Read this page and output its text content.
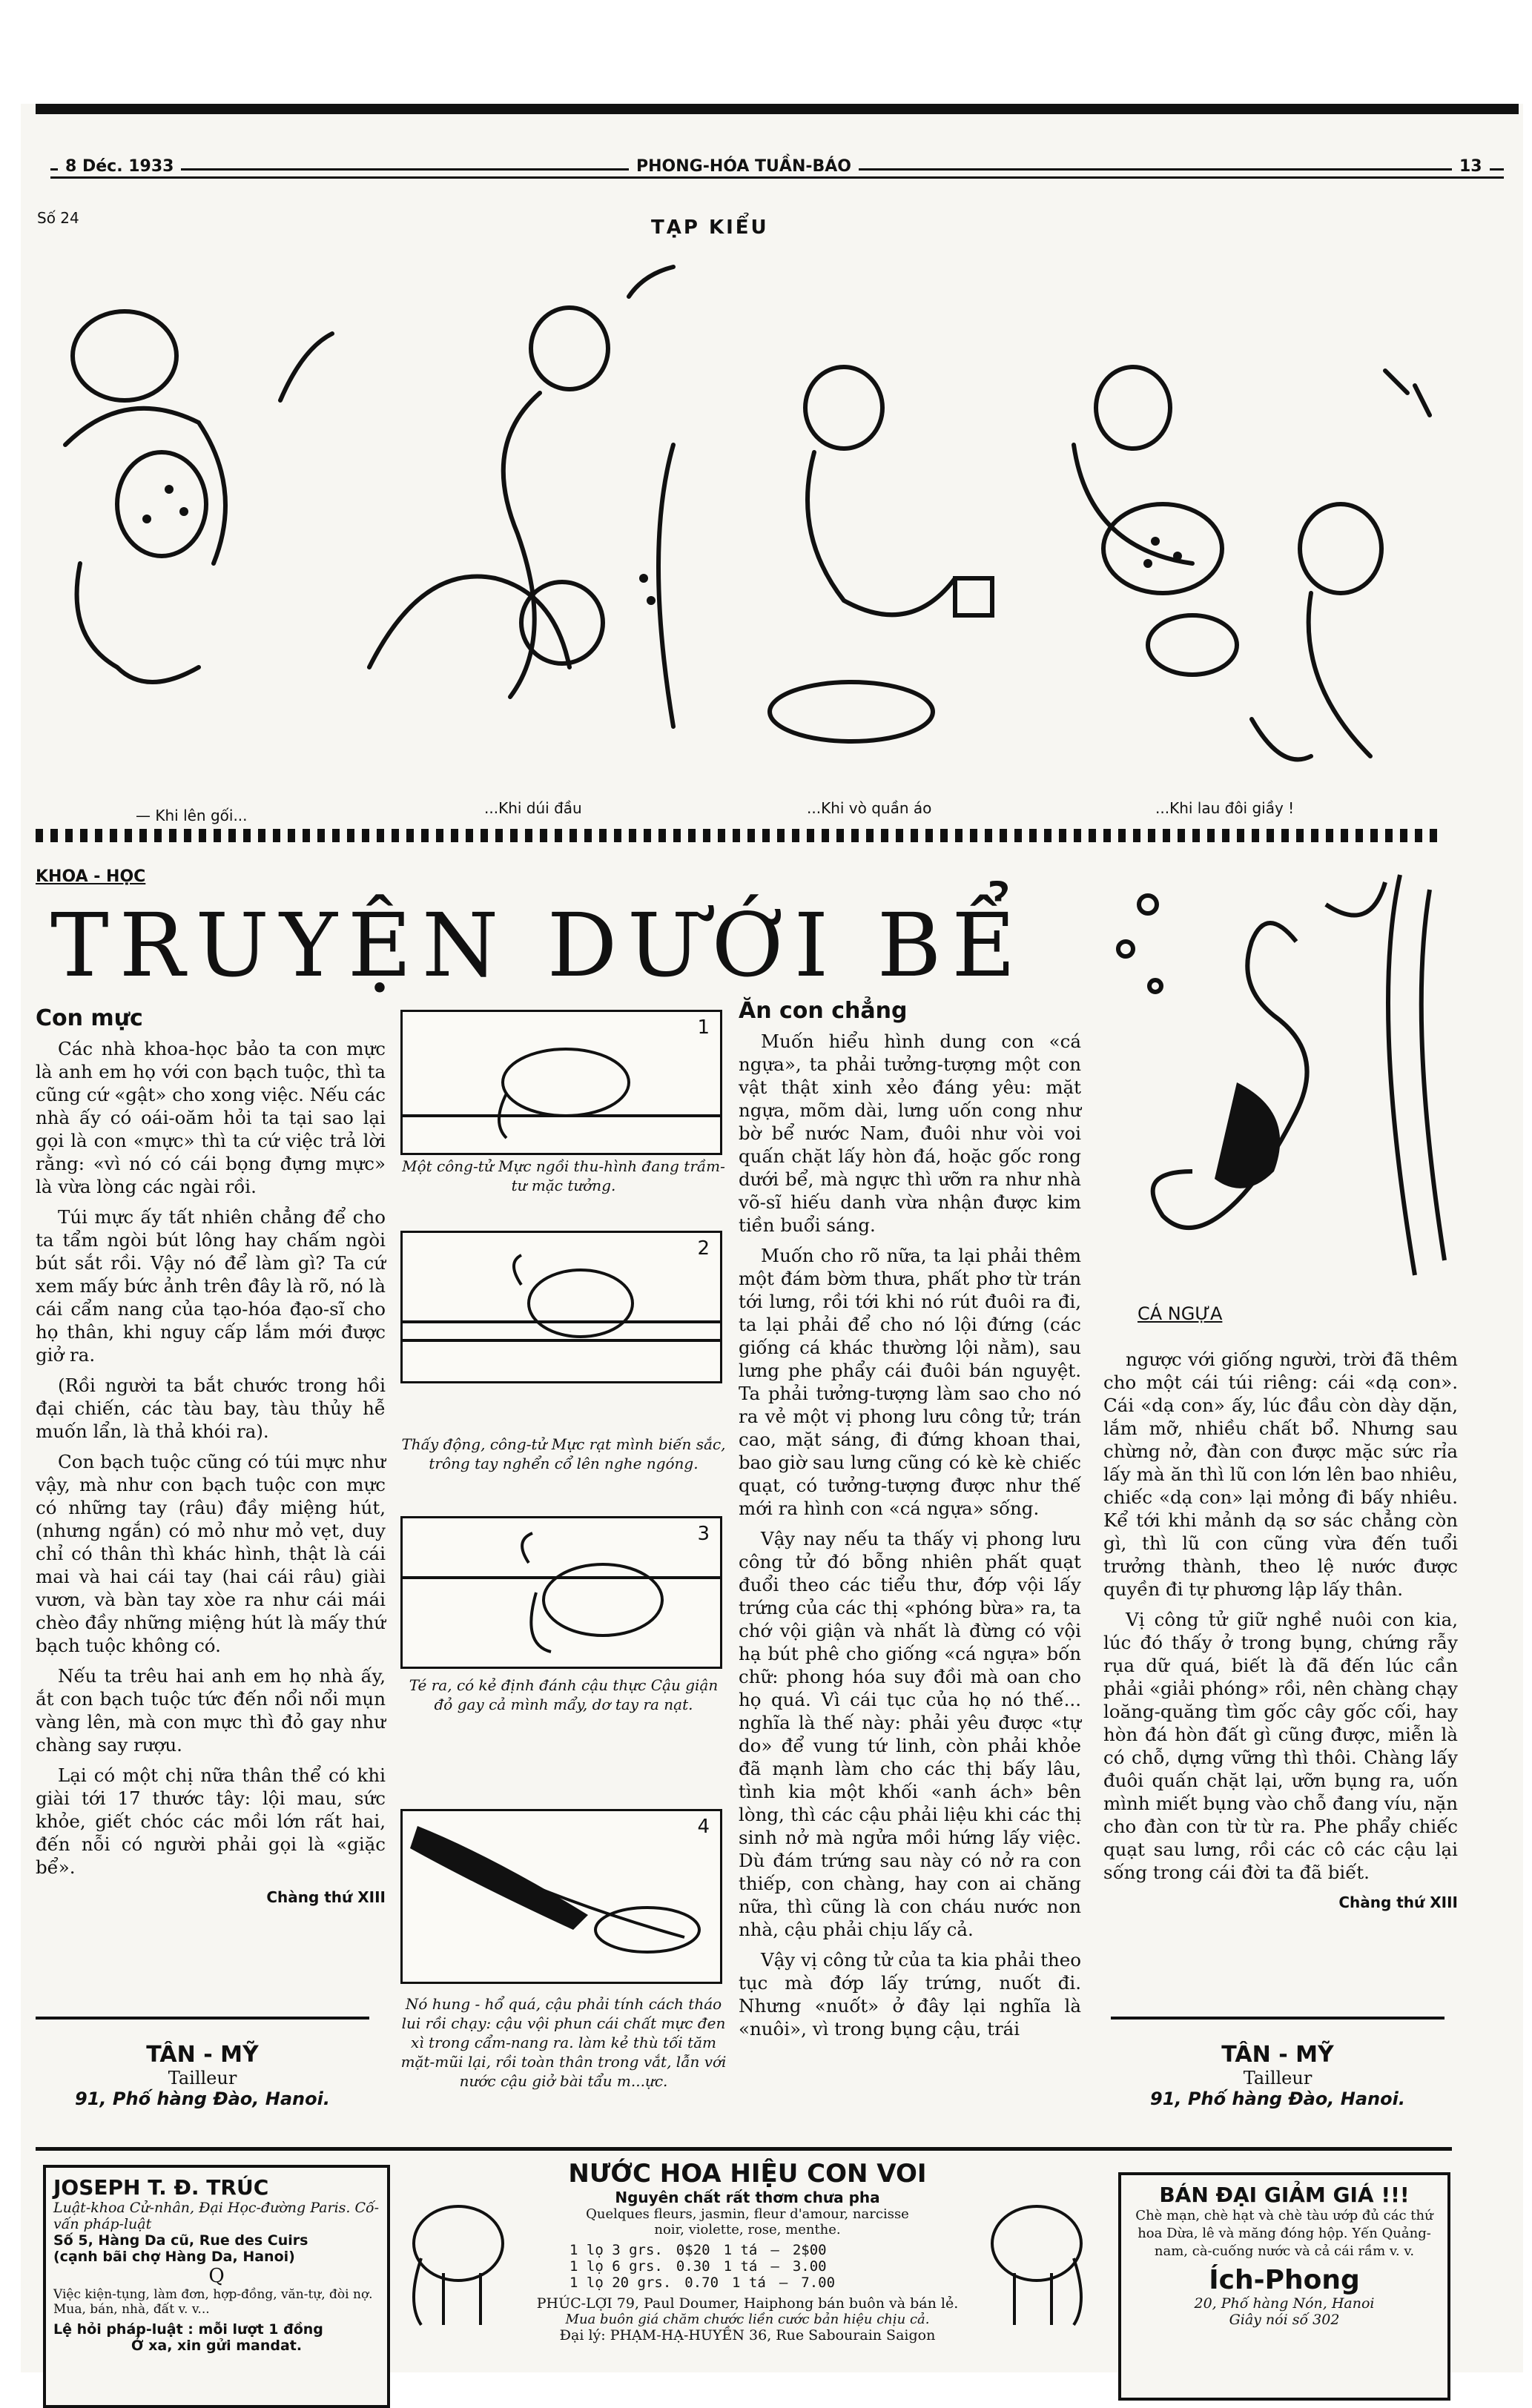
8 Déc. 1933	PHONG-HÓA TUẦN-BÁO	13
Số 24	TẠP KIỂU
— Khi lên gối...	...Khi dúi đầu	...Khi vò quần áo	...Khi lau đôi giầy !
KHOA - HỌC
TRUYỆN DƯỚI BỂ
Con mực

Các nhà khoa-học bảo ta con mực là anh em họ với con bạch tuộc, thì ta cũng cứ «gật» cho xong việc. Nếu các nhà ấy có oái-oăm hỏi ta tại sao lại gọi là con «mực» thì ta cứ việc trả lời rằng: «vì nó có cái bọng đựng mực» là vừa lòng các ngài rồi.

Túi mực ấy tất nhiên chẳng để cho ta tẩm ngòi bút lông hay chấm ngòi bút sắt rồi. Vậy nó để làm gì? Ta cứ xem mấy bức ảnh trên đây là rõ, nó là cái cẩm nang của tạo-hóa đạo-sĩ cho họ thân, khi nguy cấp lắm mới được giở ra.

(Rồi người ta bắt chước trong hồi đại chiến, các tàu bay, tàu thủy hễ muốn lẩn, là thả khói ra).

Con bạch tuộc cũng có túi mực như vậy, mà như con bạch tuộc con mực có những tay (râu) đầy miệng hút, (nhưng ngắn) có mỏ như mỏ vẹt, duy chỉ có thân thì khác hình, thật là cái mai và hai cái tay (hai cái râu) giài vươn, và bàn tay xòe ra như cái mái chèo đầy những miệng hút là mấy thứ bạch tuộc không có.

Nếu ta trêu hai anh em họ nhà ấy, ắt con bạch tuộc tức đến nổi nổi mụn vàng lên, mà con mực thì đỏ gay như chàng say rượu.

Lại có một chị nữa thân thể có khi giài tới 17 thước tây: lội mau, sức khỏe, giết chóc các mồi lớn rất hai, đến nỗi có người phải gọi là «giặc bể».

Chàng thứ XIII
1
Một công-tử Mực ngồi thu-hình đang trầm-tư mặc tưởng.
2
Thấy động, công-tử Mực rạt mình biến sắc, trông tay nghển cổ lên nghe ngóng.
3
Té ra, có kẻ định đánh cậu thực Cậu giận đỏ gay cả mình mẩy, dơ tay ra nạt.
4
Nó hung - hổ quá, cậu phải tính cách tháo lui rồi chạy: cậu vội phun cái chất mực đen xì trong cẩm-nang ra. làm kẻ thù tối tăm mặt-mũi lại, rồi toàn thân trong vắt, lẫn với nước cậu giở bài tẩu m...ực.
Ăn con chẳng

Muốn hiểu hình dung con «cá ngựa», ta phải tưởng-tượng một con vật thật xinh xẻo đáng yêu: mặt ngựa, mõm dài, lưng uốn cong như bờ bể nước Nam, đuôi như vòi voi quấn chặt lấy hòn đá, hoặc gốc rong dưới bể, mà ngực thì ưỡn ra như nhà võ-sĩ hiếu danh vừa nhận được kim tiền buổi sáng.

Muốn cho rõ nữa, ta lại phải thêm một đám bờm thưa, phất phơ từ trán tới lưng, rồi tới khi nó rút đuôi ra đi, ta lại phải để cho nó lội đứng (các giống cá khác thường lội nằm), sau lưng phe phẩy cái đuôi bán nguyệt. Ta phải tưởng-tượng làm sao cho nó ra vẻ một vị phong lưu công tử; trán cao, mặt sáng, đi đứng khoan thai, bao giờ sau lưng cũng có kè kè chiếc quạt, có tưởng-tượng được như thế mới ra hình con «cá ngựa» sống.

Vậy nay nếu ta thấy vị phong lưu công tử đó bỗng nhiên phất quạt đuổi theo các tiểu thư, đớp vội lấy trứng của các thị «phóng bừa» ra, ta chớ vội giận và nhất là đừng có vội hạ bút phê cho giống «cá ngựa» bốn chữ: phong hóa suy đồi mà oan cho họ quá. Vì cái tục của họ nó thế... nghĩa là thế này: phải yêu được «tự do» để vung tứ linh, còn phải khỏe đã mạnh làm cho các thị bấy lâu, tình kia một khối «anh ách» bên lòng, thì các cậu phải liệu khi các thị sinh nở mà ngửa mồi hứng lấy việc. Dù đám trứng sau này có nở ra con thiếp, con chàng, hay con ai chăng nữa, thì cũng là con cháu nước non nhà, cậu phải chịu lấy cả.

Vậy vị công tử của ta kia phải theo tục mà đớp lấy trứng, nuốt đi. Nhưng «nuốt» ở đây lại nghĩa là «nuôi», vì trong bụng cậu, trái

CÁ NGỰA

ngược với giống người, trời đã thêm cho một cái túi riêng: cái «dạ con». Cái «dạ con» ấy, lúc đầu còn dày dặn, lắm mỡ, nhiều chất bổ. Nhưng sau chừng nở, đàn con được mặc sức rỉa lấy mà ăn thì lũ con lớn lên bao nhiêu, chiếc «dạ con» lại mỏng đi bấy nhiêu. Kể tới khi mảnh dạ sơ sác chẳng còn gì, thì lũ con cũng vừa đến tuổi trưởng thành, theo lệ nước được quyền đi tự phương lập lấy thân.

Vị công tử giữ nghề nuôi con kia, lúc đó thấy ở trong bụng, chứng rẫy rụa dữ quá, biết là đã đến lúc cần phải «giải phóng» rồi, nên chàng chạy loăng-quăng tìm gốc cây gốc cối, hay hòn đá hòn đất gì cũng được, miễn là có chỗ, dựng vững thì thôi. Chàng lấy đuôi quấn chặt lại, ưỡn bụng ra, uốn mình miết bụng vào chỗ đang víu, nặn cho đàn con từ từ ra. Phe phẩy chiếc quạt sau lưng, rồi các cô các cậu lại sống trong cái đời ta đã biết.

Chàng thứ XIII
TÂN - MỸ
Tailleur
91, Phố hàng Đào, Hanoi.
TÂN - MỸ
Tailleur
91, Phố hàng Đào, Hanoi.
JOSEPH T. Đ. TRÚC
Luật-khoa Cử-nhân, Đại Học-đường Paris. Cố-vấn pháp-luật
Số 5, Hàng Da cũ, Rue des Cuirs
(cạnh bãi chợ Hàng Da, Hanoi)
Q
Việc kiện-tụng, làm đơn, hợp-đồng, văn-tự, đòi nợ. Mua, bán, nhà, đất v. v...
Lệ hỏi pháp-luật : mỗi lượt 1 đồng
Ở xa, xin gửi mandat.
NƯỚC HOA HIỆU CON VOI
Nguyên chất rất thơm chưa pha
Quelques fleurs, jasmin, fleur d'amour, narcisse
noir, violette, rose, menthe.
1 lọ 3 grs. 0$20 1 tá — 2$00
1 lọ 6 grs. 0.30 1 tá — 3.00
1 lọ 20 grs. 0.70 1 tá — 7.00
PHÚC-LỢI 79, Paul Doumer, Haiphong bán buôn và bán lẻ.
Mua buôn giá chăm chước liền cước bản hiệu chịu cả.
Đại lý: PHẠM-HẠ-HUYỀN 36, Rue Sabourain Saigon
BÁN ĐẠI GIẢM GIÁ !!!
Chè mạn, chè hạt và chè tàu ướp đủ các thứ hoa Dừa, lê và măng đóng hộp. Yến Quảng-nam, cà-cuống nước và cả cái rầm v. v.
Ích-Phong
20, Phố hàng Nón, Hanoi
Giây nói số 302
